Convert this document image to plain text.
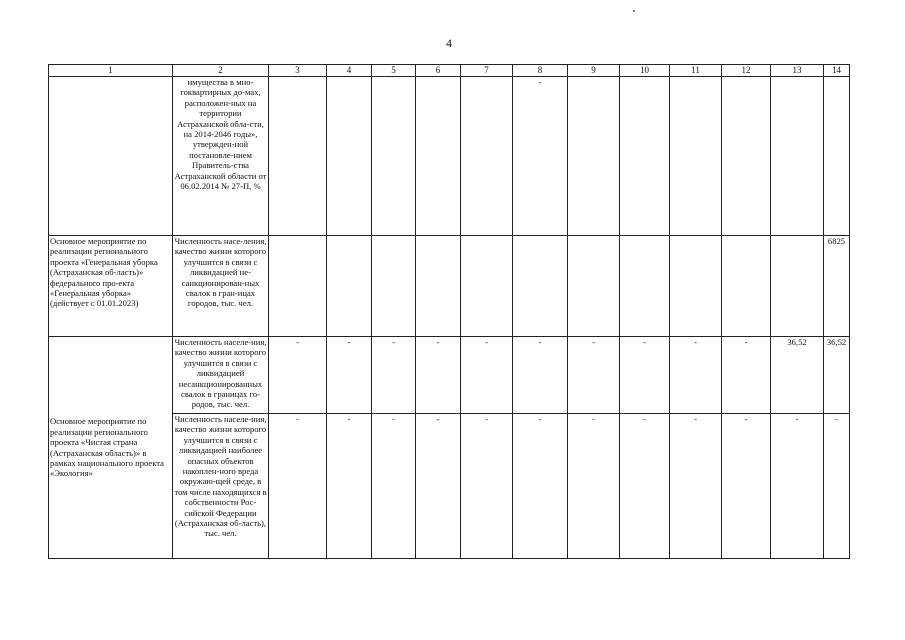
4
1	2	3	4	5	6	7	8	9	10	11	12	13	14
	имущества в мно-гоквартирных до-мах, расположен-ных на территории Астраханской обла-сти, на 2014-2046 годы», утвержден-ной постановле-нием Правитель-ства Астраханской области от 06.02.2014 № 27-П, %						-						
Основное мероприятие по реализации регионального проекта «Генеральная уборка (Астраханская об-ласть)» федерального про-екта «Генеральная уборка» (действует с 01.01.2023)	Численность насе-ления, качество жизни которого улучшится в связи с ликвидацией не-санкционирован-ных свалок в гран-ицах городов, тыс. чел.												6825
Основное мероприятие по реализации регионального проекта «Чистая страна (Астраханская область)» в рамках национального проекта «Экология»	Численность населе-ния, качество жизни которого улучшится в связи с ликвидацией несанкционированных свалок в границах го-родов, тыс. чел.	-	-	-	-	-	-	-	-	-	-	36,52	36,52
	Численность населе-ния, качество жизни которого улучшится в связи с ликвидацией наиболее опасных объектов накоплен-ного вреда окружаю-щей среде, в том числе находящихся в собственности Рос-сийской Федерации (Астраханская об-ласть), тыс. чел.	-	-	-	-	-	-	-	-	-	-	-	-
